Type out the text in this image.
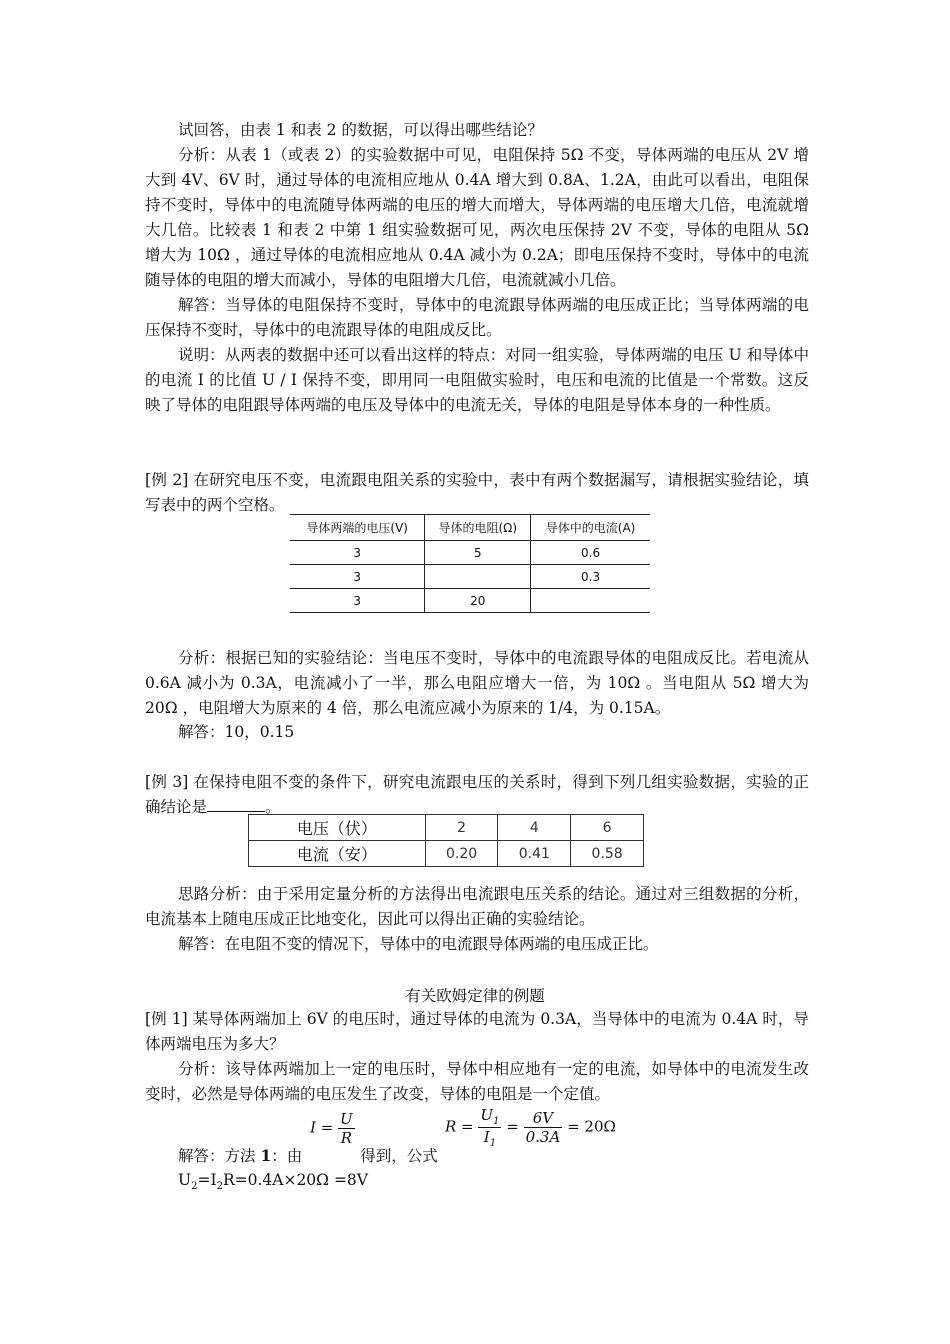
试回答，由表 1 和表 2 的数据，可以得出哪些结论？

分析：从表 1（或表 2）的实验数据中可见，电阻保持 5Ω 不变，导体两端的电压从 2V 增大到 4V、6V 时，通过导体的电流相应地从 0.4A 增大到 0.8A、1.2A，由此可以看出，电阻保持不变时，导体中的电流随导体两端的电压的增大而增大，导体两端的电压增大几倍，电流就增大几倍。比较表 1 和表 2 中第 1 组实验数据可见，两次电压保持 2V 不变，导体的电阻从 5Ω 增大为 10Ω ，通过导体的电流相应地从 0.4A 减小为 0.2A；即电压保持不变时，导体中的电流随导体的电阻的增大而减小，导体的电阻增大几倍，电流就减小几倍。

解答：当导体的电阻保持不变时，导体中的电流跟导体两端的电压成正比；当导体两端的电压保持不变时，导体中的电流跟导体的电阻成反比。

说明：从两表的数据中还可以看出这样的特点：对同一组实验，导体两端的电压 U 和导体中的电流 I 的比值 U / I 保持不变，即用同一电阻做实验时，电压和电流的比值是一个常数。这反映了导体的电阻跟导体两端的电压及导体中的电流无关，导体的电阻是导体本身的一种性质。

[例 2] 在研究电压不变，电流跟电阻关系的实验中，表中有两个数据漏写，请根据实验结论，填写表中的两个空格。

导体两端的电压(V)	导体的电阻(Ω)	导体中的电流(A)
3	5	0.6
3		0.3
3	20	

分析：根据已知的实验结论：当电压不变时，导体中的电流跟导体的电阻成反比。若电流从 0.6A 减小为 0.3A，电流减小了一半，那么电阻应增大一倍，为 10Ω 。当电阻从 5Ω 增大为 20Ω ，电阻增大为原来的 4 倍，那么电流应减小为原来的 1/4，为 0.15A。

解答：10，0.15

[例 3] 在保持电阻不变的条件下，研究电流跟电压的关系时，得到下列几组实验数据，实验的正确结论是	。

电压（伏）	2	4	6
电流（安）	0.20	0.41	0.58

思路分析：由于采用定量分析的方法得出电流跟电压关系的结论。通过对三组数据的分析，电流基本上随电压成正比地变化，因此可以得出正确的实验结论。

解答：在电阻不变的情况下，导体中的电流跟导体两端的电压成正比。

有关欧姆定律的例题

[例 1] 某导体两端加上 6V 的电压时，通过导体的电流为 0.3A，当导体中的电流为 0.4A 时，导体两端电压为多大？

分析：该导体两端加上一定的电压时，导体中相应地有一定的电流，如导体中的电流发生改变时，必然是导体两端的电压发生了改变，导体的电阻是一个定值。

$I = \frac{U}{R}$	$R = \frac{U_1}{I_1} = \frac{6V}{0.3A} = 20\Omega$

解答：方法 1：由	得到，公式

$U_2=I_2R=0.4A\times 20\Omega =8V$
